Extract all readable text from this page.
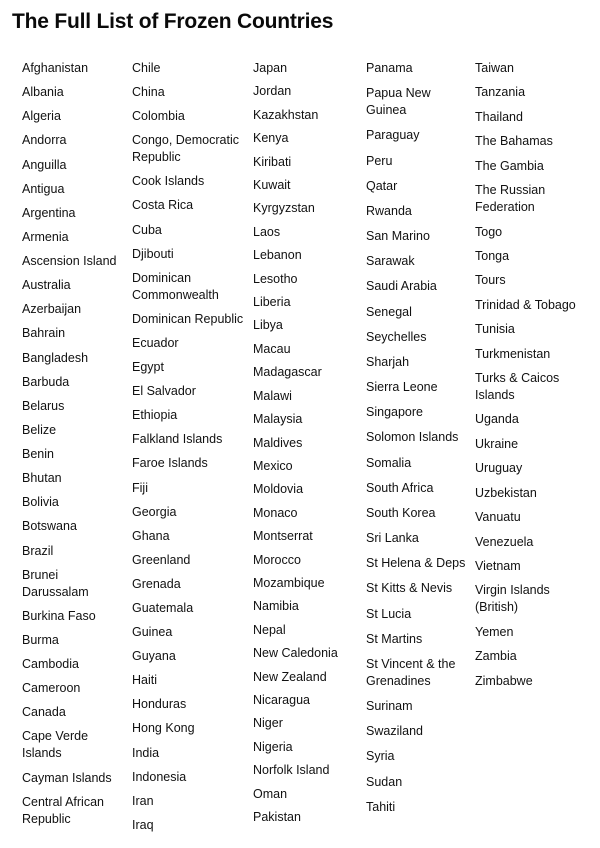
The Full List of Frozen Countries
Afghanistan
Albania
Algeria
Andorra
Anguilla
Antigua
Argentina
Armenia
Ascension Island
Australia
Azerbaijan
Bahrain
Bangladesh
Barbuda
Belarus
Belize
Benin
Bhutan
Bolivia
Botswana
Brazil
Brunei Darussalam
Burkina Faso
Burma
Cambodia
Cameroon
Canada
Cape Verde Islands
Cayman Islands
Central African Republic
Chile
China
Colombia
Congo, Democratic Republic
Cook Islands
Costa Rica
Cuba
Djibouti
Dominican Commonwealth
Dominican Republic
Ecuador
Egypt
El Salvador
Ethiopia
Falkland Islands
Faroe Islands
Fiji
Georgia
Ghana
Greenland
Grenada
Guatemala
Guinea
Guyana
Haiti
Honduras
Hong Kong
India
Indonesia
Iran
Iraq
Japan
Jordan
Kazakhstan
Kenya
Kiribati
Kuwait
Kyrgyzstan
Laos
Lebanon
Lesotho
Liberia
Libya
Macau
Madagascar
Malawi
Malaysia
Maldives
Mexico
Moldovia
Monaco
Montserrat
Morocco
Mozambique
Namibia
Nepal
New Caledonia
New Zealand
Nicaragua
Niger
Nigeria
Norfolk Island
Oman
Pakistan
Panama
Papua New Guinea
Paraguay
Peru
Qatar
Rwanda
San Marino
Sarawak
Saudi Arabia
Senegal
Seychelles
Sharjah
Sierra Leone
Singapore
Solomon Islands
Somalia
South Africa
South Korea
Sri Lanka
St Helena & Deps
St Kitts & Nevis
St Lucia
St Martins
St Vincent & the Grenadines
Surinam
Swaziland
Syria
Sudan
Tahiti
Taiwan
Tanzania
Thailand
The Bahamas
The Gambia
The Russian Federation
Togo
Tonga
Tours
Trinidad & Tobago
Tunisia
Turkmenistan
Turks & Caicos Islands
Uganda
Ukraine
Uruguay
Uzbekistan
Vanuatu
Venezuela
Vietnam
Virgin Islands (British)
Yemen
Zambia
Zimbabwe
